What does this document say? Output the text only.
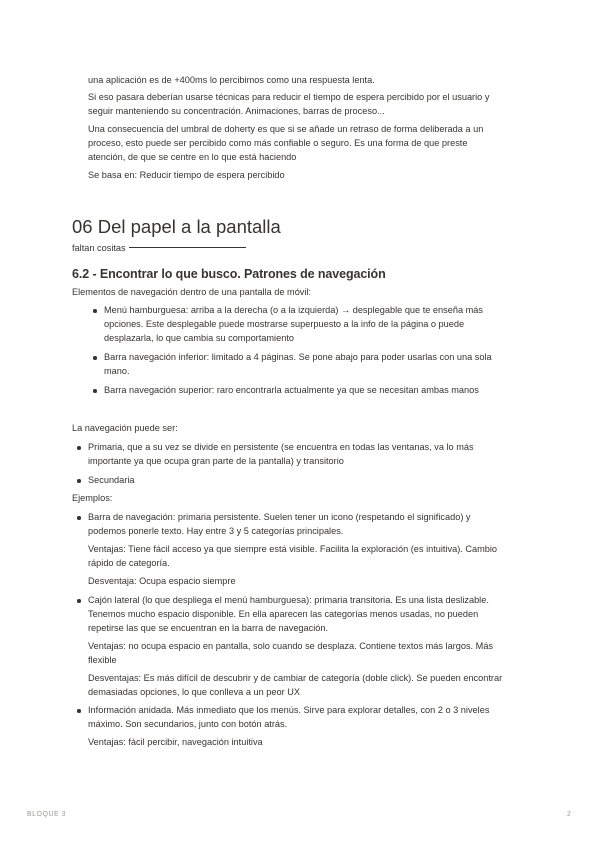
una aplicación es de +400ms lo percibimos como una respuesta lenta.

Si eso pasara deberían usarse técnicas para reducir el tiempo de espera percibido por el usuario y

seguir manteniendo su concentración. Animaciones, barras de proceso...

Una consecuencia del umbral de doherty es que si se añade un retraso de forma deliberada a un

proceso, esto puede ser percibido como más confiable o seguro. Es una forma de que preste

atención, de que se centre en lo que está haciendo

Se basa en: Reducir tiempo de espera percibido

06 Del papel a la pantalla

faltan cositas

6.2 - Encontrar lo que busco. Patrones de navegación

Elementos de navegación dentro de una pantalla de móvil:

Menú hamburguesa: arriba a la derecha (o a la izquierda) → desplegable que te enseña más

opciones. Este desplegable puede mostrarse superpuesto a la info de la página o puede

desplazarla, lo que cambia su comportamiento

Barra navegación inferior: limitado a 4 páginas. Se pone abajo para poder usarlas con una sola

mano.

Barra navegación superior: raro encontrarla actualmente ya que se necesitan ambas manos

La navegación puede ser:

Primaria, que a su vez se divide en persistente (se encuentra en todas las ventanas, va lo más

importante ya que ocupa gran parte de la pantalla) y transitorio

Secundaria

Ejemplos:

Barra de navegación: primaria persistente. Suelen tener un icono (respetando el significado) y

podemos ponerle texto. Hay entre 3 y 5 categorías principales.

Ventajas: Tiene fácil acceso ya que siempre está visible. Facilita la exploración (es intuitiva). Cambio

rápido de categoría.

Desventaja: Ocupa espacio siempre

Cajón lateral (lo que despliega el menú hamburguesa): primaria transitoria. Es una lista deslizable.

Tenemos mucho espacio disponible. En ella aparecen las categorías menos usadas, no pueden

repetirse las que se encuentran en la barra de navegación.

Ventajas: no ocupa espacio en pantalla, solo cuando se desplaza. Contiene textos más largos. Más

flexible

Desventajas: Es más difícil de descubrir y de cambiar de categoría (doble click). Se pueden encontrar

demasiadas opciones, lo que conlleva a un peor UX

Información anidada. Más inmediato que los menús. Sirve para explorar detalles, con 2 o 3 niveles

máximo. Son secundarios, junto con botón atrás.

Ventajas: fácil percibir, navegación intuitiva

BLOQUE 3	2
